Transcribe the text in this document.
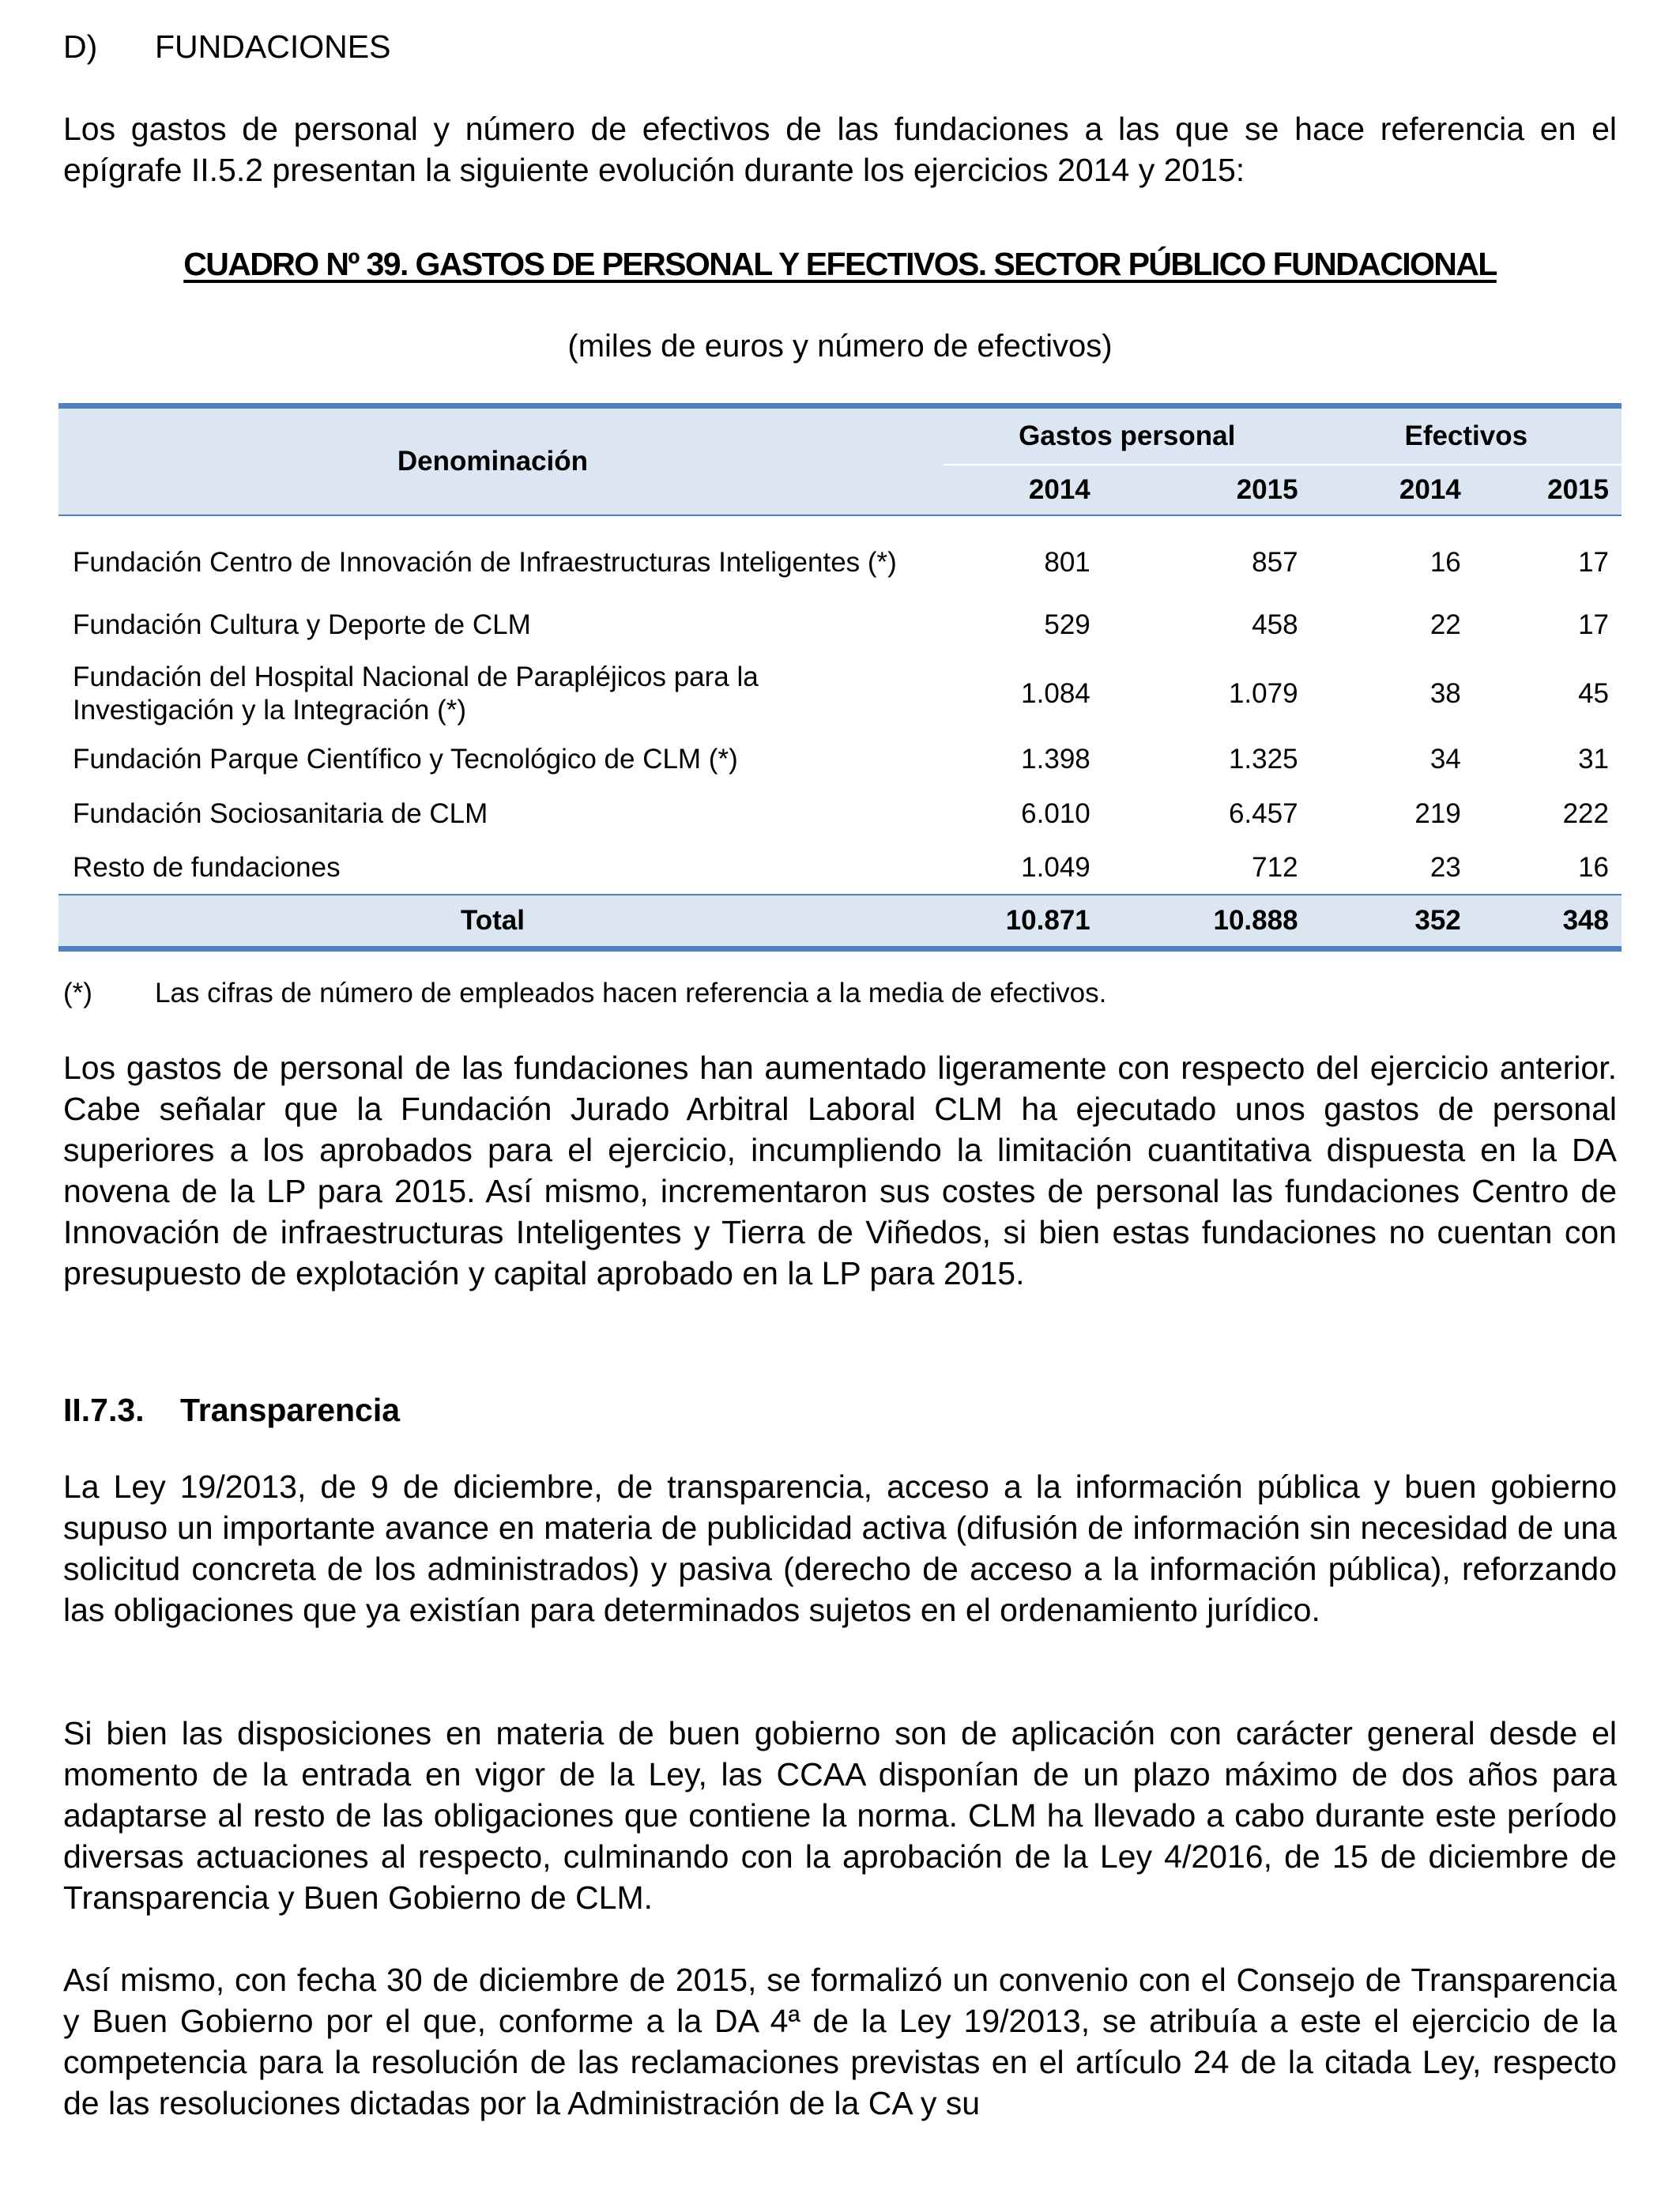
D) FUNDACIONES

Los gastos de personal y número de efectivos de las fundaciones a las que se hace referencia en el epígrafe II.5.2 presentan la siguiente evolución durante los ejercicios 2014 y 2015:

CUADRO Nº 39. GASTOS DE PERSONAL Y EFECTIVOS. SECTOR PÚBLICO FUNDACIONAL
(miles de euros y número de efectivos)
Denominación		Gastos personal		Efectivos	
		2014	2015	2014	2015
Fundación Centro de Innovación de Infraestructuras Inteligentes (*)		801	857	16	17
Fundación Cultura y Deporte de CLM		529	458	22	17
Fundación del Hospital Nacional de Parapléjicos para la Investigación y la Integración (*)		1.084	1.079	38	45
Fundación Parque Científico y Tecnológico de CLM (*)		1.398	1.325	34	31
Fundación Sociosanitaria de CLM		6.010	6.457	219	222
Resto de fundaciones		1.049	712	23	16
Total		10.871	10.888	352	348
(*) Las cifras de número de empleados hacen referencia a la media de efectivos.

Los gastos de personal de las fundaciones han aumentado ligeramente con respecto del ejercicio anterior. Cabe señalar que la Fundación Jurado Arbitral Laboral CLM ha ejecutado unos gastos de personal superiores a los aprobados para el ejercicio, incumpliendo la limitación cuantitativa dispuesta en la DA novena de la LP para 2015. Así mismo, incrementaron sus costes de personal las fundaciones Centro de Innovación de infraestructuras Inteligentes y Tierra de Viñedos, si bien estas fundaciones no cuentan con presupuesto de explotación y capital aprobado en la LP para 2015.

II.7.3. Transparencia

La Ley 19/2013, de 9 de diciembre, de transparencia, acceso a la información pública y buen gobierno supuso un importante avance en materia de publicidad activa (difusión de información sin necesidad de una solicitud concreta de los administrados) y pasiva (derecho de acceso a la información pública), reforzando las obligaciones que ya existían para determinados sujetos en el ordenamiento jurídico.

Si bien las disposiciones en materia de buen gobierno son de aplicación con carácter general desde el momento de la entrada en vigor de la Ley, las CCAA disponían de un plazo máximo de dos años para adaptarse al resto de las obligaciones que contiene la norma. CLM ha llevado a cabo durante este período diversas actuaciones al respecto, culminando con la aprobación de la Ley 4/2016, de 15 de diciembre de Transparencia y Buen Gobierno de CLM.

Así mismo, con fecha 30 de diciembre de 2015, se formalizó un convenio con el Consejo de Transparencia y Buen Gobierno por el que, conforme a la DA 4ª de la Ley 19/2013, se atribuía a este el ejercicio de la competencia para la resolución de las reclamaciones previstas en el artículo 24 de la citada Ley, respecto de las resoluciones dictadas por la Administración de la CA y su
